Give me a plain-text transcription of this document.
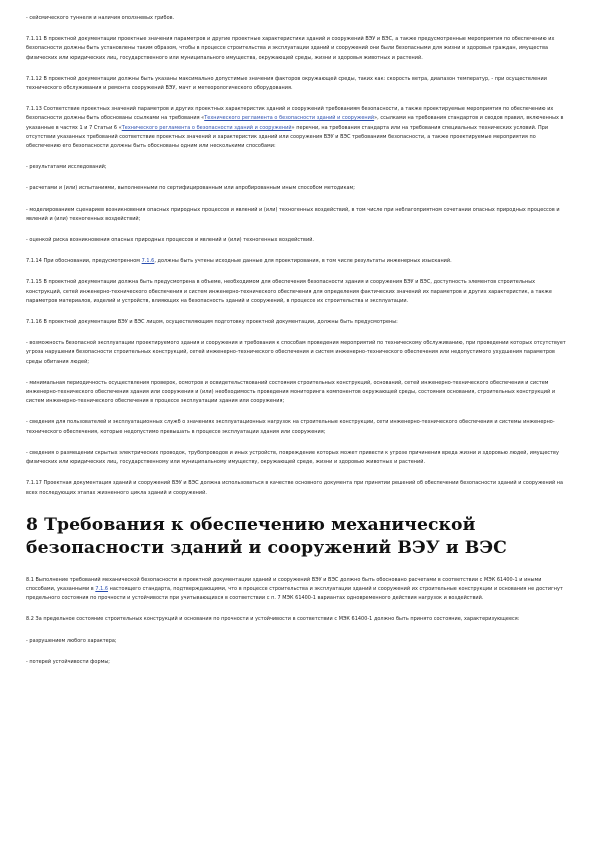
- сейсмического туннеля и наличия оползневых грибов.

7.1.11 В проектной документации проектные значения параметров и другие проектные характеристики зданий и сооружений ВЭУ и ВЭС, а также предусмотренные мероприятия по обеспечению их безопасности должны быть установлены таким образом, чтобы в процессе строительства и эксплуатации зданий и сооружений они были безопасными для жизни и здоровья граждан, имущества физических или юридических лиц, государственного или муниципального имущества, окружающей среды, жизни и здоровья животных и растений.

7.1.12 В проектной документации должны быть указаны максимально допустимые значения факторов окружающей среды, таких как: скорость ветра, диапазон температур, - при осуществлении технического обслуживания и ремонта сооружений ВЭУ, мачт и метеорологического оборудования.

7.1.13 Соответствие проектных значений параметров и других проектных характеристик зданий и сооружений требованиям безопасности, а также проектируемые мероприятия по обеспечению их безопасности должны быть обоснованы ссылками на требования «Технического регламента о безопасности зданий и сооружений», ссылками на требования стандартов и сводов правил, включенных в указанные в частях 1 и 7 Статьи 6 «Технического регламента о безопасности зданий и сооружений» перечни, на требования стандарта или на требования специальных технических условий. При отсутствии указанных требований соответствие проектных значений и характеристик зданий или сооружения ВЭУ и ВЭС требованиям безопасности, а также проектируемые мероприятия по обеспечению его безопасности должны быть обоснованы одним или несколькими способами:

- результатами исследований;

- расчетами и (или) испытаниями, выполненными по сертифицированным или апробированным иным способом методикам;

- моделированием сценариев возникновения опасных природных процессов и явлений и (или) техногенных воздействий, в том числе при неблагоприятном сочетании опасных природных процессов и явлений и (или) техногенных воздействий;

- оценкой риска возникновения опасных природных процессов и явлений и (или) техногенных воздействий.

7.1.14 При обосновании, предусмотренном 7.1.6, должны быть учтены исходные данные для проектирования, в том числе результаты инженерных изысканий.

7.1.15 В проектной документации должна быть предусмотрена в объеме, необходимом для обеспечения безопасности здания и сооружения ВЭУ и ВЭС, доступность элементов строительных конструкций, сетей инженерно-технического обеспечения и систем инженерно-технического обеспечения для определения фактических значений их параметров и других характеристик, а также параметров материалов, изделий и устройств, влияющих на безопасность зданий и сооружений, в процессе их строительства и эксплуатации.

7.1.16 В проектной документации ВЭУ и ВЭС лицом, осуществляющим подготовку проектной документации, должны быть предусмотрены:

- возможность безопасной эксплуатации проектируемого здания и сооружения и требования к способам проведения мероприятий по техническому обслуживанию, при проведении которых отсутствует угроза нарушения безопасности строительных конструкций, сетей инженерно-технического обеспечения и систем инженерно-технического обеспечения или недопустимого ухудшения параметров среды обитания людей;

- минимальная периодичность осуществления проверок, осмотров и освидетельствований состояния строительных конструкций, оснований, сетей инженерно-технического обеспечения и систем инженерно-технического обеспечения здания или сооружения и (или) необходимость проведения мониторинга компонентов окружающей среды, состояния основания, строительных конструкций и систем инженерно-технического обеспечения в процессе эксплуатации здания или сооружения;

- сведения для пользователей и эксплуатационных служб о значениях эксплуатационных нагрузок на строительные конструкции, сети инженерно-технического обеспечения и системы инженерно-технического обеспечения, которые недопустимо превышать в процессе эксплуатации здания или сооружения;

- сведения о размещении скрытых электрических проводок, трубопроводов и иных устройств, повреждение которых может привести к угрозе причинения вреда жизни и здоровью людей, имуществу физических или юридических лиц, государственному или муниципальному имуществу, окружающей среде, жизни и здоровью животных и растений.

7.1.17 Проектная документация зданий и сооружений ВЭУ и ВЭС должна использоваться в качестве основного документа при принятии решений об обеспечении безопасности зданий и сооружений на всех последующих этапах жизненного цикла зданий и сооружений.

8 Требования к обеспечению механической безопасности зданий и сооружений ВЭУ и ВЭС

8.1 Выполнение требований механической безопасности в проектной документации зданий и сооружений ВЭУ и ВЭС должно быть обосновано расчетами в соответствии с МЭК 61400-1 и иными способами, указанными в 7.1.6 настоящего стандарта, подтверждающими, что в процессе строительства и эксплуатации зданий и сооружений их строительные конструкции и основания не достигнут предельного состояния по прочности и устойчивости при учитывающихся в соответствии с п. 7 МЭК 61400-1 вариантах одновременного действия нагрузок и воздействий.

8.2 За предельное состояние строительных конструкций и основания по прочности и устойчивости в соответствии с МЭК 61400-1 должно быть принято состояние, характеризующееся:

- разрушением любого характера;

- потерей устойчивости формы;
